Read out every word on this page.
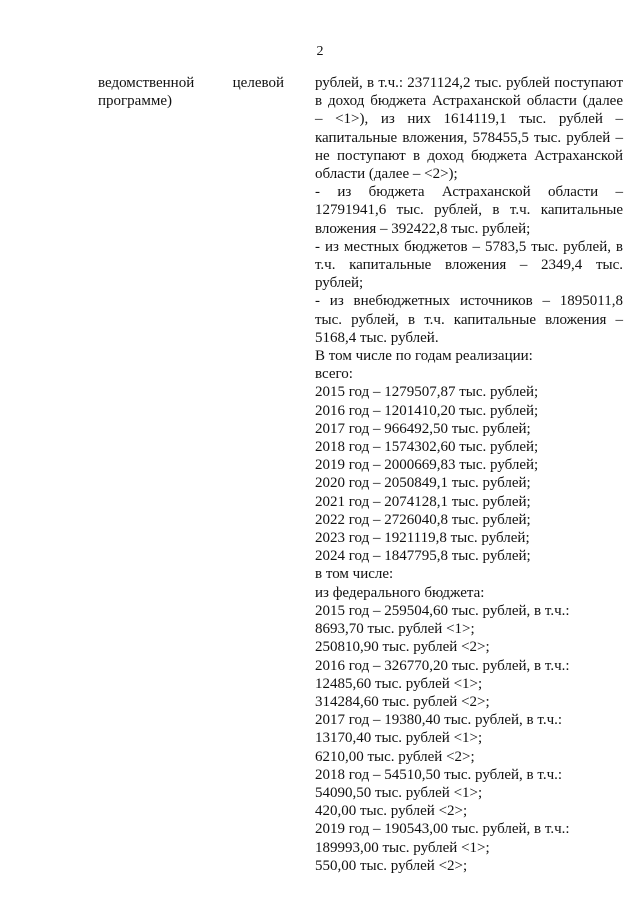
2
ведомственной	целевой
программе)

рублей, в т.ч.: 2371124,2 тыс. рублей поступают в доход бюджета Астраханской области (далее – <1>), из них 1614119,1 тыс. рублей – капитальные вложения, 578455,5 тыс. рублей – не поступают в доход бюджета Астраханской области (далее – <2>);

- из бюджета Астраханской области – 12791941,6 тыс. рублей, в т.ч. капитальные вложения – 392422,8 тыс. рублей;

- из местных бюджетов – 5783,5 тыс. рублей, в т.ч. капитальные вложения – 2349,4 тыс. рублей;

- из внебюджетных источников – 1895011,8 тыс. рублей, в т.ч. капитальные вложения – 5168,4 тыс. рублей.

В том числе по годам реализации:

всего:

2015 год – 1279507,87 тыс. рублей;

2016 год – 1201410,20 тыс. рублей;

2017 год – 966492,50 тыс. рублей;

2018 год – 1574302,60 тыс. рублей;

2019 год – 2000669,83 тыс. рублей;

2020 год – 2050849,1 тыс. рублей;

2021 год – 2074128,1 тыс. рублей;

2022 год – 2726040,8 тыс. рублей;

2023 год – 1921119,8 тыс. рублей;

2024 год – 1847795,8 тыс. рублей;

в том числе:

из федерального бюджета:

2015 год – 259504,60 тыс. рублей, в т.ч.:

8693,70 тыс. рублей <1>;

250810,90 тыс. рублей <2>;

2016 год – 326770,20 тыс. рублей, в т.ч.:

12485,60 тыс. рублей <1>;

314284,60 тыс. рублей <2>;

2017 год – 19380,40 тыс. рублей, в т.ч.:

13170,40 тыс. рублей <1>;

6210,00 тыс. рублей <2>;

2018 год – 54510,50 тыс. рублей, в т.ч.:

54090,50 тыс. рублей <1>;

420,00 тыс. рублей <2>;

2019 год – 190543,00 тыс. рублей, в т.ч.:

189993,00 тыс. рублей <1>;

550,00 тыс. рублей <2>;
